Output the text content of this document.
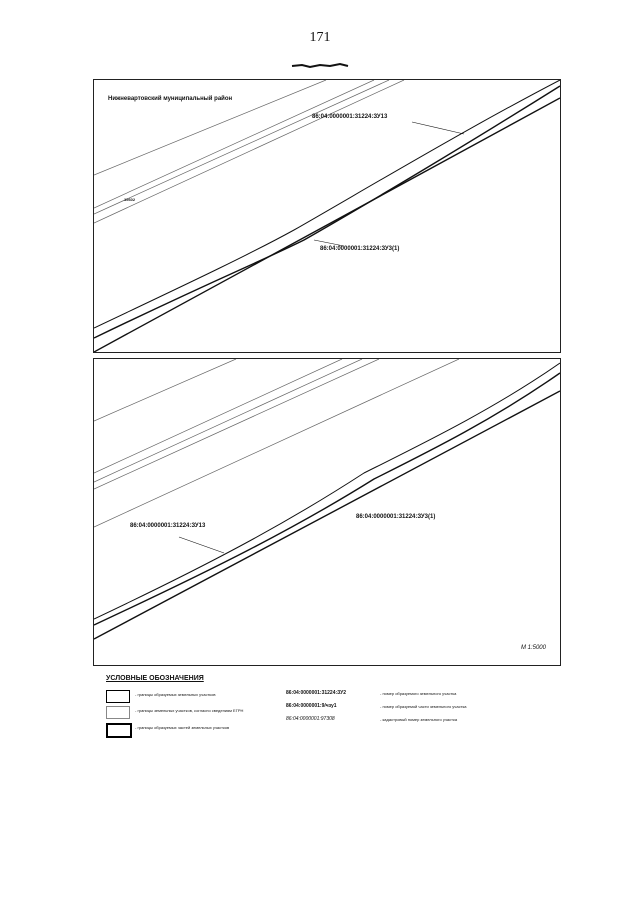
171
Нижневартовский муниципальный район
86:04:0000001:31224:ЗУ13
86:04:0000001:31224:ЗУ3(1)
15602
86:04:0000001:31224:ЗУ13
86:04:0000001:31224:ЗУ3(1)
М 1:5000
УСЛОВНЫЕ ОБОЗНАЧЕНИЯ
- границы образуемых земельных участков
- границы земельных участков, согласно сведениям ЕГРН
- границы образуемых частей земельных участков
86:04:0000001:31224:ЗУ2	- номер образуемого земельного участка
86:04:0000001:9/чзу1	- номер образуемой части земельного участка
86:04:0000001:97308	- кадастровый номер земельного участка
